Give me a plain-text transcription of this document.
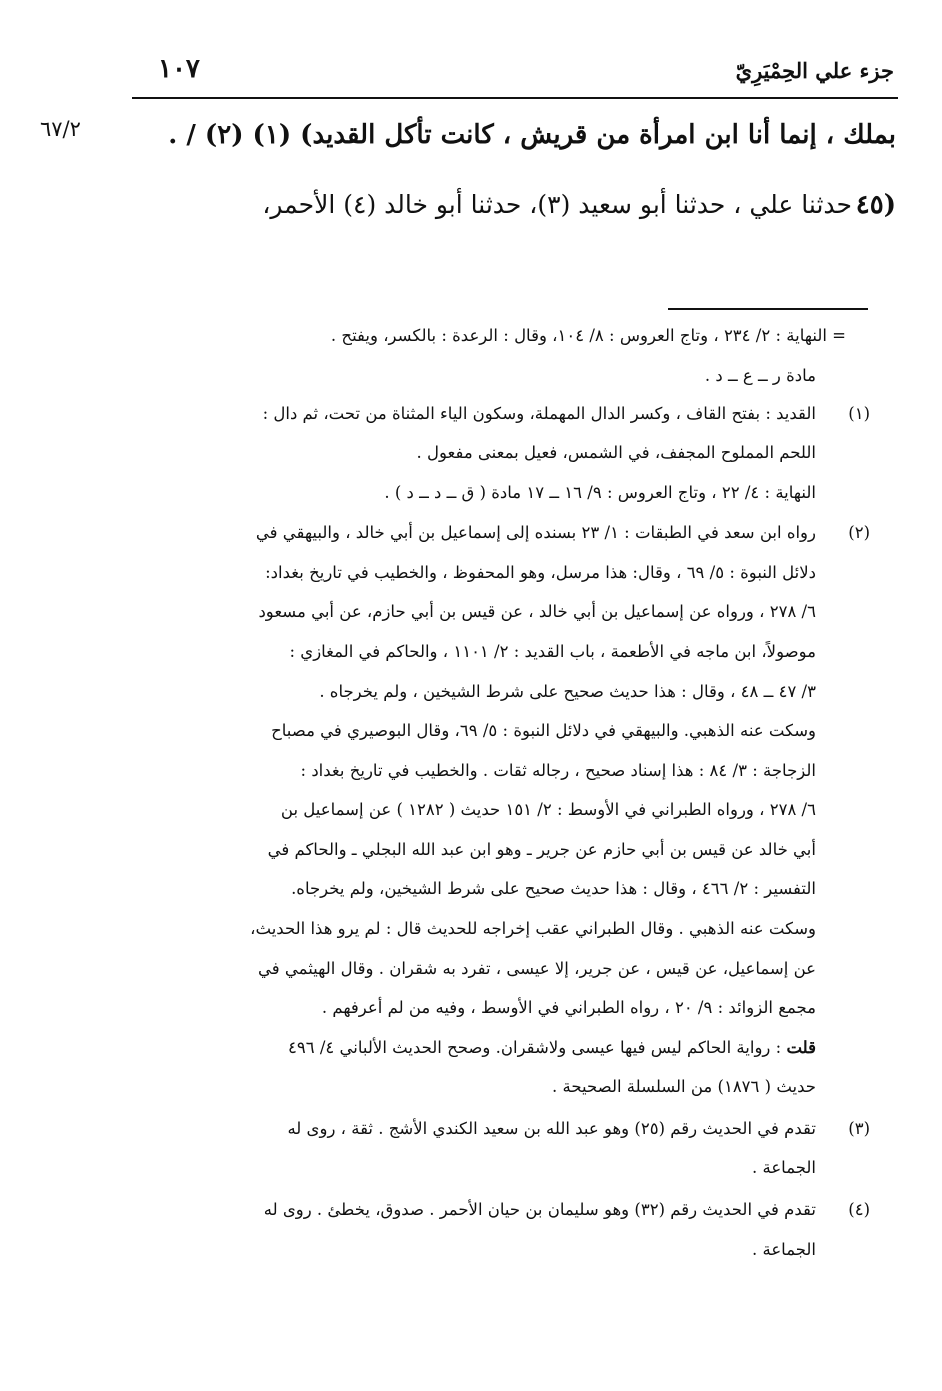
جزء علي الحِمْيَرِيّ
١٠٧
٦٧/٢	بملك ، إنما أنا ابن امرأة من قريش ، كانت تأكل القديد) (١) (٢) / .
٤٥)
حدثنا علي ، حدثنا أبو سعيد (٣)، حدثنا أبو خالد (٤) الأحمر،
= النهاية : ٢/ ٢٣٤ ، وتاج العروس : ٨/ ١٠٤، وقال : الرعدة : بالكسر، ويفتح .
مادة ر ــ ع ــ د .
(١)
القديد : بفتح القاف ، وكسر الدال المهملة، وسكون الياء المثناة من تحت، ثم دال :
اللحم المملوح المجفف، في الشمس، فعيل بمعنى مفعول .
النهاية : ٤/ ٢٢ ، وتاج العروس : ٩/ ١٦ ــ ١٧ مادة ( ق ــ د ــ د ) .
(٢)
رواه ابن سعد في الطبقات : ١/ ٢٣ بسنده إلى إسماعيل بن أبي خالد ، والبيهقي في
دلائل النبوة : ٥/ ٦٩ ، وقال: هذا مرسل، وهو المحفوظ ، والخطيب في تاريخ بغداد:
٦/ ٢٧٨ ، ورواه عن إسماعيل بن أبي خالد ، عن قيس بن أبي حازم، عن أبي مسعود
موصولاً، ابن ماجه في الأطعمة ، باب القديد : ٢/ ١١٠١ ، والحاكم في المغازي :
٣/ ٤٧ ــ ٤٨ ، وقال : هذا حديث صحيح على شرط الشيخين ، ولم يخرجاه .
وسكت عنه الذهبي. والبيهقي في دلائل النبوة : ٥/ ٦٩، وقال البوصيري في مصباح
الزجاجة : ٣/ ٨٤ : هذا إسناد صحيح ، رجاله ثقات . والخطيب في تاريخ بغداد :
٦/ ٢٧٨ ، ورواه الطبراني في الأوسط : ٢/ ١٥١ حديث ( ١٢٨٢ ) عن إسماعيل بن
أبي خالد عن قيس بن أبي حازم عن جرير ـ وهو ابن عبد الله البجلي ـ والحاكم في
التفسير : ٢/ ٤٦٦ ، وقال : هذا حديث صحيح على شرط الشيخين، ولم يخرجاه.
وسكت عنه الذهبي . وقال الطبراني عقب إخراجه للحديث قال : لم يرو هذا الحديث،
عن إسماعيل، عن قيس ، عن جرير، إلا عيسى ، تفرد به شقران . وقال الهيثمي في
مجمع الزوائد : ٩/ ٢٠ ، رواه الطبراني في الأوسط ، وفيه من لم أعرفهم .
قلت : رواية الحاكم ليس فيها عيسى ولاشقران. وصحح الحديث الألباني ٤/ ٤٩٦
حديث ( ١٨٧٦) من السلسلة الصحيحة .
(٣)
تقدم في الحديث رقم (٢٥) وهو عبد الله بن سعيد الكندي الأشج . ثقة ، روى له
الجماعة .
(٤)
تقدم في الحديث رقم (٣٢) وهو سليمان بن حيان الأحمر . صدوق، يخطئ . روى له
الجماعة .
